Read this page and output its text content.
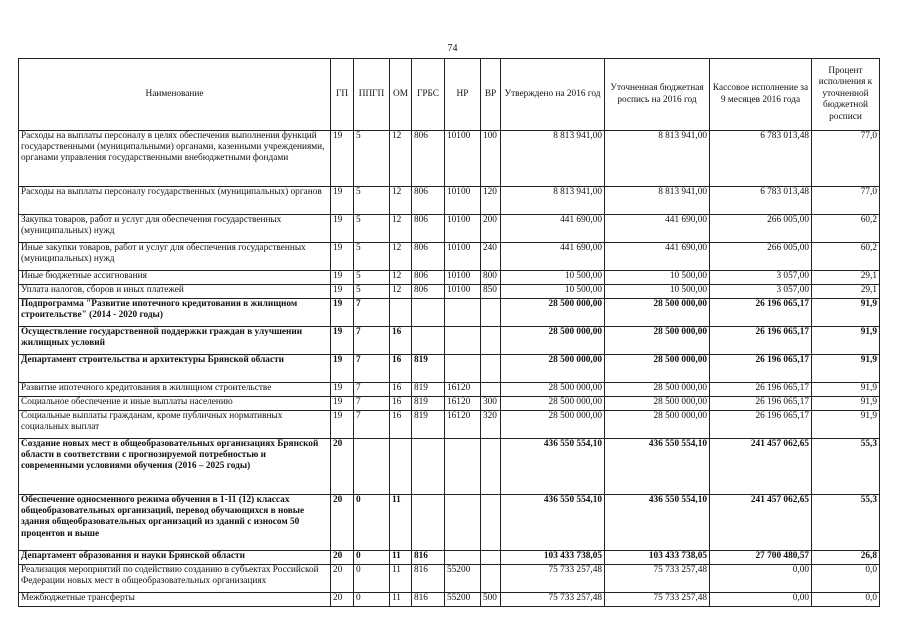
74
Наименование	ГП	ППГП	ОМ	ГРБС	НР	ВР	Утверждено на 2016 год	Уточненная бюджетная роспись на 2016 год	Кассовое исполнение за 9 месяцев 2016 года	Процент исполнения к уточненной бюджетной росписи
Расходы на выплаты персоналу в целях обеспечения выполнения функций государственными (муниципальными) органами, казенными учреждениями, органами управления государственными внебюджетными фондами	19	5	12	806	10100	100	8 813 941,00	8 813 941,00	6 783 013,48	77,0
Расходы на выплаты персоналу государственных (муниципальных) органов	19	5	12	806	10100	120	8 813 941,00	8 813 941,00	6 783 013,48	77,0
Закупка товаров, работ и услуг для обеспечения государственных (муниципальных) нужд	19	5	12	806	10100	200	441 690,00	441 690,00	266 005,00	60,2
Иные закупки товаров, работ и услуг для обеспечения государственных (муниципальных) нужд	19	5	12	806	10100	240	441 690,00	441 690,00	266 005,00	60,2
Иные бюджетные ассигнования	19	5	12	806	10100	800	10 500,00	10 500,00	3 057,00	29,1
Уплата налогов, сборов и иных платежей	19	5	12	806	10100	850	10 500,00	10 500,00	3 057,00	29,1
Подпрограмма "Развитие ипотечного кредитования в жилищном строительстве" (2014 - 2020 годы)	19	7					28 500 000,00	28 500 000,00	26 196 065,17	91,9
Осуществление государственной поддержки граждан в улучшении жилищных условий	19	7	16				28 500 000,00	28 500 000,00	26 196 065,17	91,9
Департамент строительства и архитектуры Брянской области	19	7	16	819			28 500 000,00	28 500 000,00	26 196 065,17	91,9
Развитие ипотечного кредитования в жилищном строительстве	19	7	16	819	16120		28 500 000,00	28 500 000,00	26 196 065,17	91,9
Социальное обеспечение и иные выплаты населению	19	7	16	819	16120	300	28 500 000,00	28 500 000,00	26 196 065,17	91,9
Социальные выплаты гражданам, кроме публичных нормативных социальных выплат	19	7	16	819	16120	320	28 500 000,00	28 500 000,00	26 196 065,17	91,9
Создание новых мест в общеобразовательных организациях Брянской области в соответствии с прогнозируемой потребностью и современными условиями обучения (2016 – 2025 годы)	20						436 550 554,10	436 550 554,10	241 457 062,65	55,3
Обеспечение односменного режима обучения в 1-11 (12) классах общеобразовательных организаций, перевод обучающихся в новые здания общеобразовательных организаций из зданий с износом 50 процентов и выше	20	0	11				436 550 554,10	436 550 554,10	241 457 062,65	55,3
Департамент образования и науки Брянской области	20	0	11	816			103 433 738,05	103 433 738,05	27 700 480,57	26,8
Реализация мероприятий по содействию созданию в субъектах Российской Федерации новых мест в общеобразовательных организациях	20	0	11	816	55200		75 733 257,48	75 733 257,48	0,00	0,0
Межбюджетные трансферты	20	0	11	816	55200	500	75 733 257,48	75 733 257,48	0,00	0,0
